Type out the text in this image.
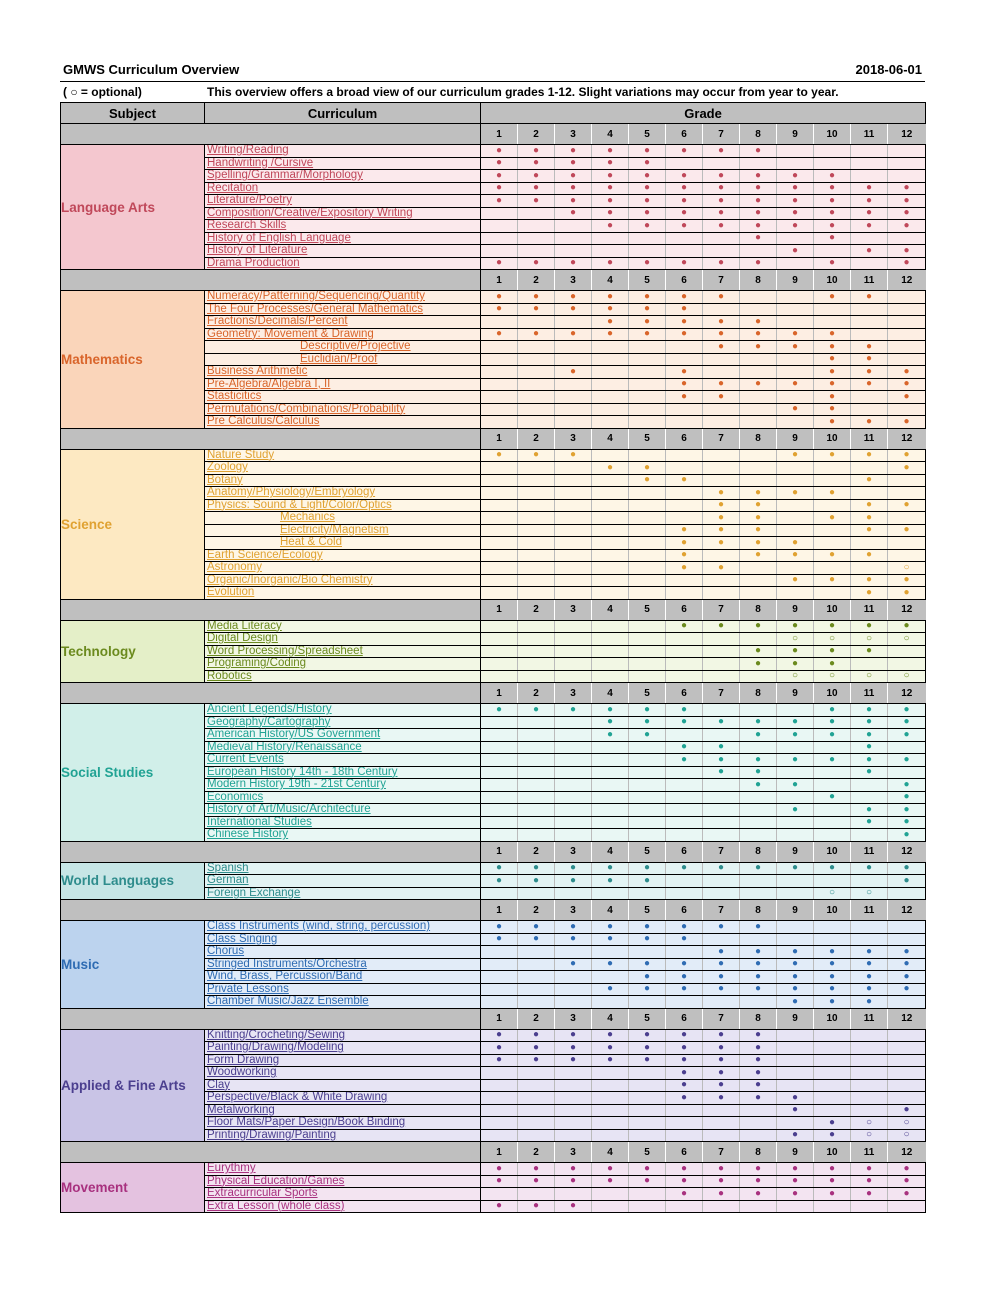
GMWS Curriculum Overview	2018-06-01
( ○ = optional)	This overview offers a broad view of our curriculum grades 1-12. Slight variations may occur from year to year.
Subject	Curriculum	Grade											
		1	2	3	4	5	6	7	8	9	10	11	12
Language Arts	Writing/Reading	●	●	●	●	●	●	●	●				
	Handwriting /Cursive	●	●	●	●	●							
	Spelling/Grammar/Morphology	●	●	●	●	●	●	●	●	●	●		
	Recitation	●	●	●	●	●	●	●	●	●	●	●	●
	Literature/Poetry	●	●	●	●	●	●	●	●	●	●	●	●
	Composition/Creative/Expository Writing			●	●	●	●	●	●	●	●	●	●
	Research Skills				●	●	●	●	●	●	●	●	●
	History of English Language								●		●		
	History of Literature									●		●	●
	Drama Production	●	●	●	●	●	●	●	●		●		●
		1	2	3	4	5	6	7	8	9	10	11	12
Mathematics	Numeracy/Patterning/Sequencing/Quantity	●	●	●	●	●	●	●			●	●	
	The Four Processes/General Mathematics	●	●	●	●	●	●						
	Fractions/Decimals/Percent				●	●	●	●	●				
	Geometry: Movement & Drawing	●	●	●	●	●	●	●	●	●	●		
	Descriptive/Projective							●	●	●	●	●	
	Euclidian/Proof										●	●	
	Business Arithmetic			●			●				●	●	●
	Pre-Algebra/Algebra I, II						●	●	●	●	●	●	●
	Stasticitics						●	●			●		●
	Permutations/Combinations/Probability									●	●		
	Pre Calculus/Calculus										●	●	●
		1	2	3	4	5	6	7	8	9	10	11	12
Science	Nature Study	●	●	●						●	●	●	●
	Zoology				●	●							●
	Botany					●	●					●	
	Anatomy/Physiology/Embryology							●	●	●	●		
	Physics: Sound & Light/Color/Optics							●	●			●	●
	Mechanics							●	●		●	●	
	Electricity/Magnetism						●	●	●			●	●
	Heat & Cold						●	●	●	●			
	Earth Science/Ecology						●		●	●	●	●	
	Astronomy						●	●					○
	Organic/Inorganic/Bio Chemistry									●	●	●	●
	Evolution											●	●
		1	2	3	4	5	6	7	8	9	10	11	12
Technology	Media Literacy						●	●	●	●	●	●	●
	Digital Design									○	○	○	○
	Word Processing/Spreadsheet								●	●	●	●	
	Programing/Coding								●	●	●		
	Robotics									○	○	○	○
		1	2	3	4	5	6	7	8	9	10	11	12
Social Studies	Ancient Legends/History	●	●	●	●	●	●				●	●	●
	Geography/Cartography				●	●	●	●	●	●	●	●	●
	American History/US Government				●	●			●	●	●	●	●
	Medieval History/Renaissance						●	●				●	
	Current Events						●	●	●	●	●	●	●
	European History 14th - 18th Century							●	●			●	
	Modern History 19th - 21st Century								●	●			●
	Economics										●		●
	History of Art/Music/Architecture									●		●	●
	International Studies											●	●
	Chinese History												●
		1	2	3	4	5	6	7	8	9	10	11	12
World Languages	Spanish	●	●	●	●	●	●	●	●	●	●	●	●
	German	●	●	●	●	●							●
	Foreign Exchange										○	○	
		1	2	3	4	5	6	7	8	9	10	11	12
Music	Class Instruments (wind, string, percussion)	●	●	●	●	●	●	●	●				
	Class Singing	●	●	●	●	●	●						
	Chorus							●	●	●	●	●	●
	Stringed Instruments/Orchestra			●	●	●	●	●	●	●	●	●	●
	Wind, Brass, Percussion/Band					●	●	●	●	●	●	●	●
	Private Lessons				●	●	●	●	●	●	●	●	●
	Chamber Music/Jazz Ensemble									●	●	●	
		1	2	3	4	5	6	7	8	9	10	11	12
Applied & Fine Arts	Knitting/Crocheting/Sewing	●	●	●	●	●	●	●	●				
	Painting/Drawing/Modeling	●	●	●	●	●	●	●	●				
	Form Drawing	●	●	●	●	●	●	●	●				
	Woodworking						●	●	●				
	Clay						●	●	●				
	Perspective/Black & White Drawing						●	●	●	●			
	Metalworking									●			●
	Floor Mats/Paper Design/Book Binding										●	○	○
	Printing/Drawing/Painting									●	●	○	○
		1	2	3	4	5	6	7	8	9	10	11	12
Movement	Eurythmy	●	●	●	●	●	●	●	●	●	●	●	●
	Physical Education/Games	●	●	●	●	●	●	●	●	●	●	●	●
	Extracurricular Sports						●	●	●	●	●	●	●
	Extra Lesson (whole class)	●	●	●									
